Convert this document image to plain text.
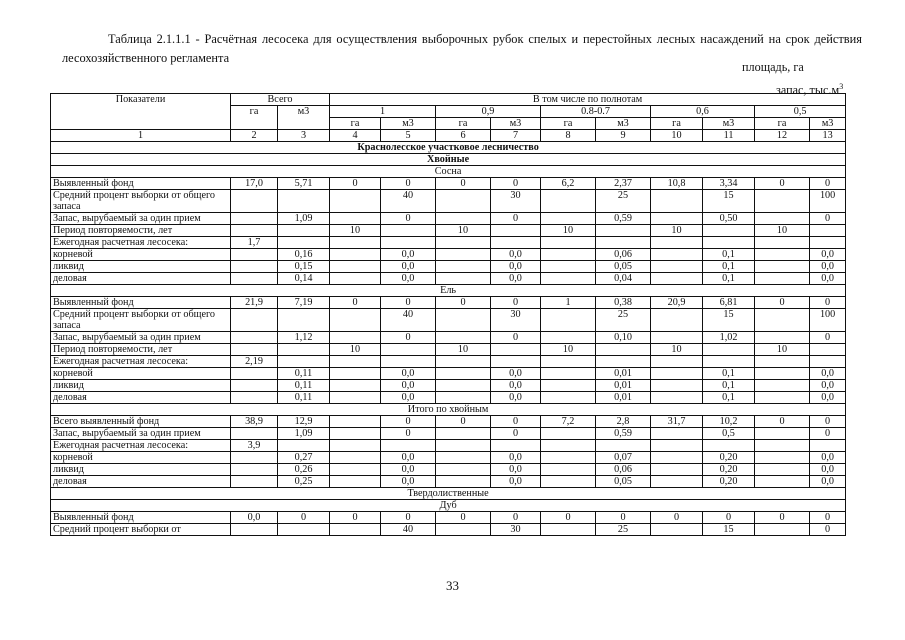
Таблица 2.1.1.1 - Расчётная лесосека для осуществления выборочных рубок спелых и перестойных лесных насаждений на срок действия лесохозяйственного регламента
площадь, га
запас, $тыс.м^3$
Показатели	Всего		В том числе по полнотам									
	га	м3	1		0,9		0.8-0.7		0,6		0,5	
			га	м3	га	м3	га	м3	га	м3	га	м3
1	2	3	4	5	6	7	8	9	10	11	12	13
Краснолесское участковое лесничество												
Хвойные												
Сосна												
Выявленный фонд	17,0	5,71	0	0	0	0	6,2	2,37	10,8	3,34	0	0
Средний процент выборки от общего запаса				40		30		25		15		100
Запас, вырубаемый за один прием		1,09		0		0		0,59		0,50		0
Период повторяемости, лет			10		10		10		10		10	
Ежегодная расчетная лесосека:	1,7											
корневой		0,16		0,0		0,0		0,06		0,1		0,0
ликвид		0,15		0,0		0,0		0,05		0,1		0,0
деловая		0,14		0,0		0,0		0,04		0,1		0,0
Ель												
Выявленный фонд	21,9	7,19	0	0	0	0	1	0,38	20,9	6,81	0	0
Средний процент выборки от общего запаса				40		30		25		15		100
Запас, вырубаемый за один прием		1,12		0		0		0,10		1,02		0
Период повторяемости, лет			10		10		10		10		10	
Ежегодная расчетная лесосека:	2,19											
корневой		0,11		0,0		0,0		0,01		0,1		0,0
ликвид		0,11		0,0		0,0		0,01		0,1		0,0
деловая		0,11		0,0		0,0		0,01		0,1		0,0
Итого по хвойным												
Всего выявленный фонд	38,9	12,9		0	0	0	7,2	2,8	31,7	10,2	0	0
Запас, вырубаемый за один прием		1,09		0		0		0,59		0,5		0
Ежегодная расчетная лесосека:	3,9											
корневой		0,27		0,0		0,0		0,07		0,20		0,0
ликвид		0,26		0,0		0,0		0,06		0,20		0,0
деловая		0,25		0,0		0,0		0,05		0,20		0,0
Твердолиственные												
Дуб												
Выявленный фонд	0,0	0	0	0	0	0	0	0	0	0	0	0
Средний процент выборки от				40		30		25		15		0
33
